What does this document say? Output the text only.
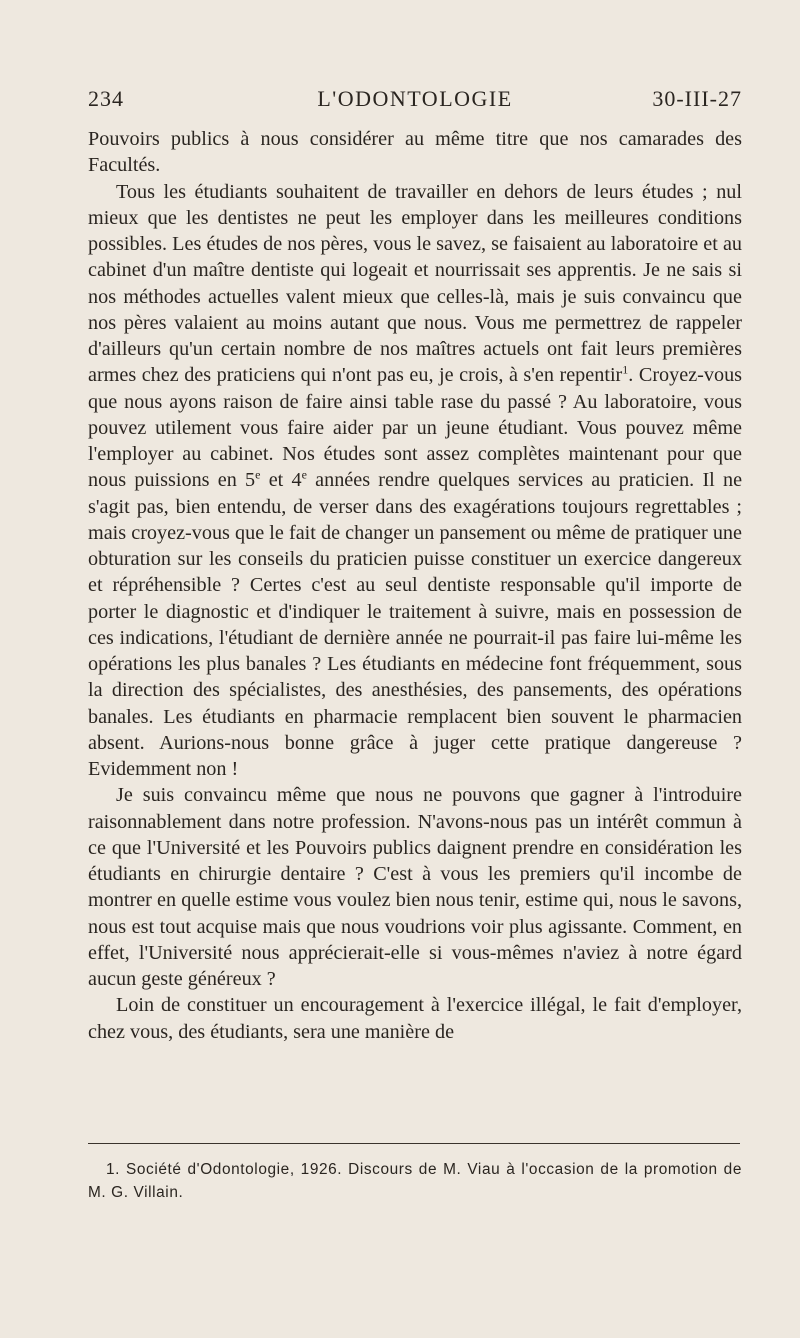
234	L'ODONTOLOGIE	30-III-27

Pouvoirs publics à nous considérer au même titre que nos camarades des Facultés.

Tous les étudiants souhaitent de travailler en dehors de leurs études ; nul mieux que les dentistes ne peut les employer dans les meilleures conditions possibles. Les études de nos pères, vous le savez, se faisaient au laboratoire et au cabinet d'un maître dentiste qui logeait et nourrissait ses apprentis. Je ne sais si nos méthodes actuelles valent mieux que celles-là, mais je suis convaincu que nos pères valaient au moins autant que nous. Vous me permettrez de rappeler d'ailleurs qu'un certain nombre de nos maîtres actuels ont fait leurs premières armes chez des praticiens qui n'ont pas eu, je crois, à s'en repentir$^1$. Croyez-vous que nous ayons raison de faire ainsi table rase du passé ? Au laboratoire, vous pouvez utilement vous faire aider par un jeune étudiant. Vous pouvez même l'employer au cabinet. Nos études sont assez complètes maintenant pour que nous puissions en 5e et 4e années rendre quelques services au praticien. Il ne s'agit pas, bien entendu, de verser dans des exagérations toujours regrettables ; mais croyez-vous que le fait de changer un pansement ou même de pratiquer une obturation sur les conseils du praticien puisse constituer un exercice dangereux et répréhensible ? Certes c'est au seul dentiste responsable qu'il importe de porter le diagnostic et d'indiquer le traitement à suivre, mais en possession de ces indications, l'étudiant de dernière année ne pourrait-il pas faire lui-même les opérations les plus banales ? Les étudiants en médecine font fréquemment, sous la direction des spécialistes, des anesthésies, des pansements, des opérations banales. Les étudiants en pharmacie remplacent bien souvent le pharmacien absent. Aurions-nous bonne grâce à juger cette pratique dangereuse ? Evidemment non !

Je suis convaincu même que nous ne pouvons que gagner à l'introduire raisonnablement dans notre profession. N'avons-nous pas un intérêt commun à ce que l'Université et les Pouvoirs publics daignent prendre en considération les étudiants en chirurgie dentaire ? C'est à vous les premiers qu'il incombe de montrer en quelle estime vous voulez bien nous tenir, estime qui, nous le savons, nous est tout acquise mais que nous voudrions voir plus agissante. Comment, en effet, l'Université nous apprécierait-elle si vous-mêmes n'aviez à notre égard aucun geste généreux ?

Loin de constituer un encouragement à l'exercice illégal, le fait d'employer, chez vous, des étudiants, sera une manière de

1. Société d'Odontologie, 1926. Discours de M. Viau à l'occasion de la promotion de M. G. Villain.
